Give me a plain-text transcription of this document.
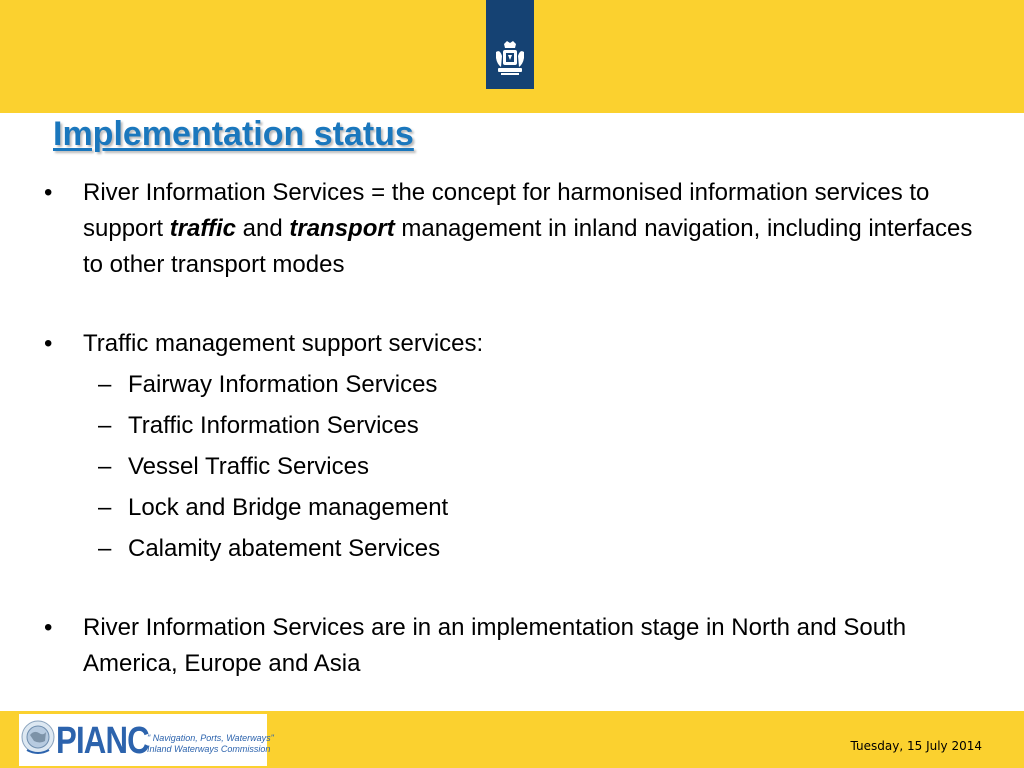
Implementation status
• River Information Services = the concept for harmonised information services to support traffic and transport management in inland navigation, including interfaces to other transport modes
• Traffic management support services:
– Fairway Information Services
– Traffic Information Services
– Vessel Traffic Services
– Lock and Bridge management
– Calamity abatement Services
• River Information Services are in an implementation stage in North and South America, Europe and Asia
PIANC
" Navigation, Ports, Waterways"
Inland Waterways Commission	Tuesday, 15 July 2014
